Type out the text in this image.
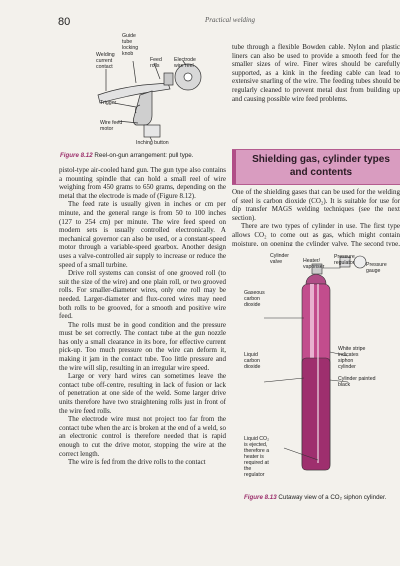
80	Practical welding
Welding
current
contact
Guide
tube
locking
knob
Feed
rolls
Electrode
wire reel
Trigger
Wire feed
motor
Inching button
Figure 8.12 Reel-on-gun arrangement: pull type.

pistol-type air-cooled hand gun. The gun type also contains a mounting spindle that can hold a small reel of wire weighing from 450 grams to 650 grams, depending on the metal that the electrode is made of (Figure 8.12).

The feed rate is usually given in inches or cm per minute, and the general range is from 50 to 100 inches (127 to 254 cm) per minute. The wire feed speed on modern sets is usually controlled electronically. A mechanical governor can also be used, or a constant-speed motor through a variable-speed gearbox. Another design uses a valve-controlled air supply to increase or reduce the speed of a small turbine.

Drive roll systems can consist of one grooved roll (to suit the size of the wire) and one plain roll, or two grooved rolls. For smaller-diameter wires, only one roll may be needed. Larger-diameter and flux-cored wires may need both rolls to be grooved, for a smooth and positive wire feed.

The rolls must be in good condition and the pressure must be set correctly. The contact tube at the gun nozzle has only a small clearance in its bore, for effective current pick-up. Too much pressure on the wire can deform it, making it jam in the contact tube. Too little pressure and the wire will slip, resulting in an irregular wire speed.

Large or very hard wires can sometimes leave the contact tube off-centre, resulting in lack of fusion or lack of penetration at one side of the weld. Some larger drive units therefore have two straightening rolls just in front of the wire feed rolls.

The electrode wire must not project too far from the contact tube when the arc is broken at the end of a weld, so an electronic control is therefore needed that is rapid enough to cut the drive motor, stopping the wire at the correct length.

The wire is fed from the drive rolls to the contact

tube through a flexible Bowden cable. Nylon and plastic liners can also be used to provide a smooth feed for the smaller sizes of wire. Finer wires should be carefully supported, as a kink in the feeding cable can lead to extensive snarling of the wire. The feeding tubes should be regularly cleaned to prevent metal dust from building up and causing possible wire feed problems.

Shielding gas, cylinder types and contents

One of the shielding gases that can be used for the welding of steel is carbon dioxide (CO₂). It is suitable for use for dip transfer MAGS welding techniques (see the next section).

There are two types of cylinder in use. The first type allows CO₂ to come out as gas, which might contain moisture, on opening the cylinder valve. The second type,

Cylinder
valve	Heater/
vaporiser
Pressure
regulator Pressure
gauge
Gaseous
carbon
dioxide
Liquid
carbon
dioxide
White stripe
indicates
siphon
cylinder
Cylinder painted
black
Liquid CO₂
is ejected,
therefore a
heater is
required at
the
regulator
Figure 8.13 Cutaway view of a CO₂ siphon cylinder.
